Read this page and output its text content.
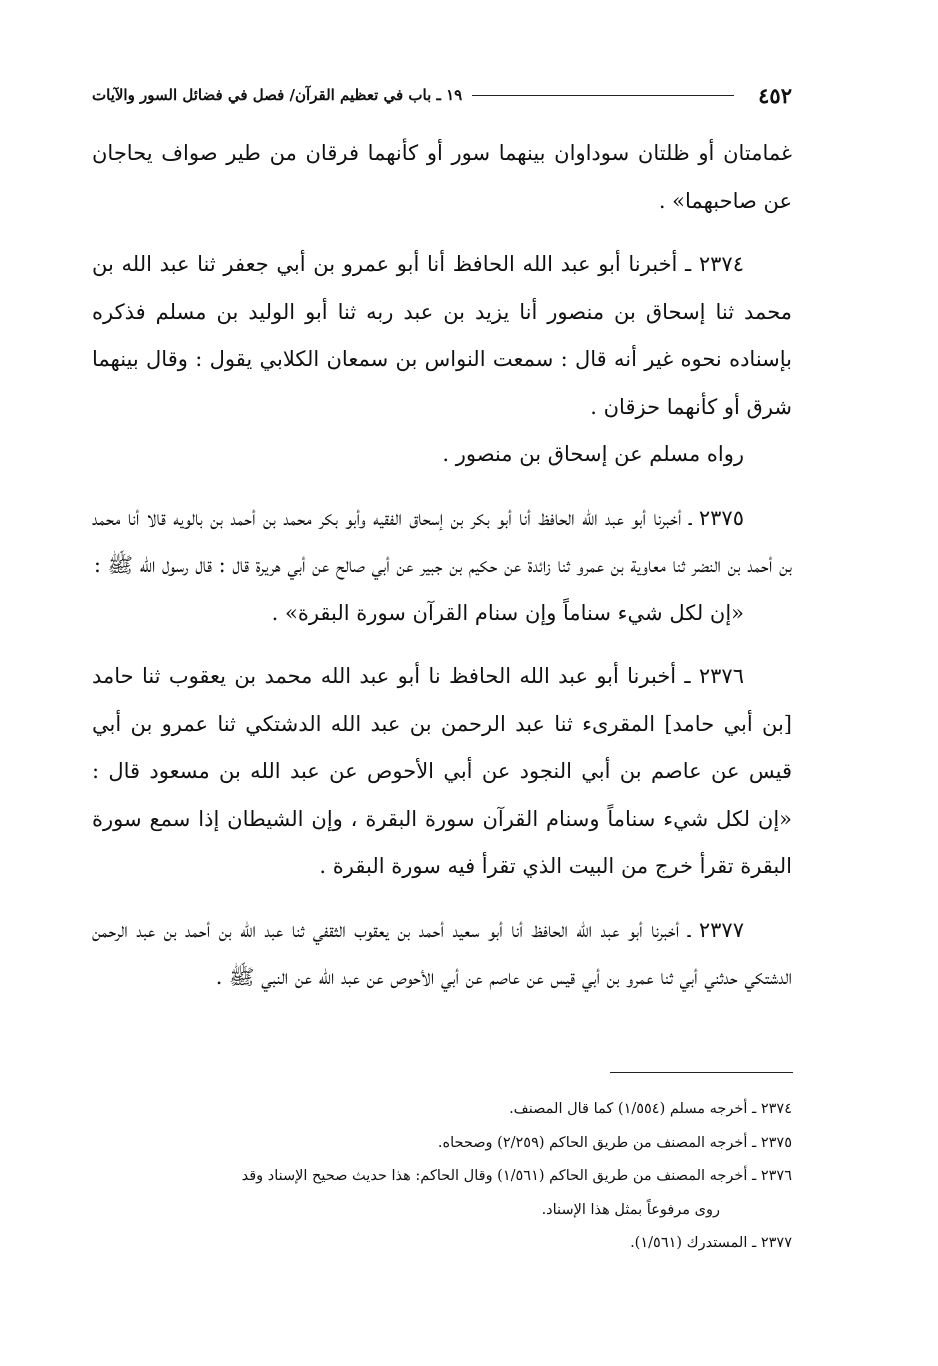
٤٥٢
١٩ ـ باب في تعظيم القرآن/ فصل في فضائل السور والآيات

غمامتان أو ظلتان سوداوان بينهما سور أو كأنهما فرقان من طير صواف يحاجان عن صاحبهما» .

٢٣٧٤ ـ أخبرنا أبو عبد الله الحافظ أنا أبو عمرو بن أبي جعفر ثنا عبد الله بن محمد ثنا إسحاق بن منصور أنا يزيد بن عبد ربه ثنا أبو الوليد بن مسلم فذكره بإسناده نحوه غير أنه قال : سمعت النواس بن سمعان الكلابي يقول : وقال بينهما شرق أو كأنهما حزقان .

رواه مسلم عن إسحاق بن منصور .

٢٣٧٥ ـ أخبرنا أبو عبد الله الحافظ أنا أبو بكر بن إسحاق الفقيه وأبو بكر محمد بن أحمد بن بالويه قالا أنا محمد بن أحمد بن النضر ثنا معاوية بن عمرو ثنا زائدة عن حكيم بن جبير عن أبي صالح عن أبي هريرة قال : قال رسول الله ﷺ :

«إن لكل شيء سناماً وإن سنام القرآن سورة البقرة» .

٢٣٧٦ ـ أخبرنا أبو عبد الله الحافظ نا أبو عبد الله محمد بن يعقوب ثنا حامد [بن أبي حامد] المقرىء ثنا عبد الرحمن بن عبد الله الدشتكي ثنا عمرو بن أبي قيس عن عاصم بن أبي النجود عن أبي الأحوص عن عبد الله بن مسعود قال : «إن لكل شيء سناماً وسنام القرآن سورة البقرة ، وإن الشيطان إذا سمع سورة البقرة تقرأ خرج من البيت الذي تقرأ فيه سورة البقرة .

٢٣٧٧ ـ أخبرنا أبو عبد الله الحافظ أنا أبو سعيد أحمد بن يعقوب الثقفي ثنا عبد الله بن أحمد بن عبد الرحمن الدشتكي حدثني أبي ثنا عمرو بن أبي قيس عن عاصم عن أبي الأحوص عن عبد الله عن النبي ﷺ .

٢٣٧٤ ـ أخرجه مسلم (١/٥٥٤) كما قال المصنف.

٢٣٧٥ ـ أخرجه المصنف من طريق الحاكم (٢/٢٥٩) وصححاه.

٢٣٧٦ ـ أخرجه المصنف من طريق الحاكم (١/٥٦١) وقال الحاكم: هذا حديث صحيح الإسناد وقد

روى مرفوعاً بمثل هذا الإسناد.

٢٣٧٧ ـ المستدرك (١/٥٦١).
